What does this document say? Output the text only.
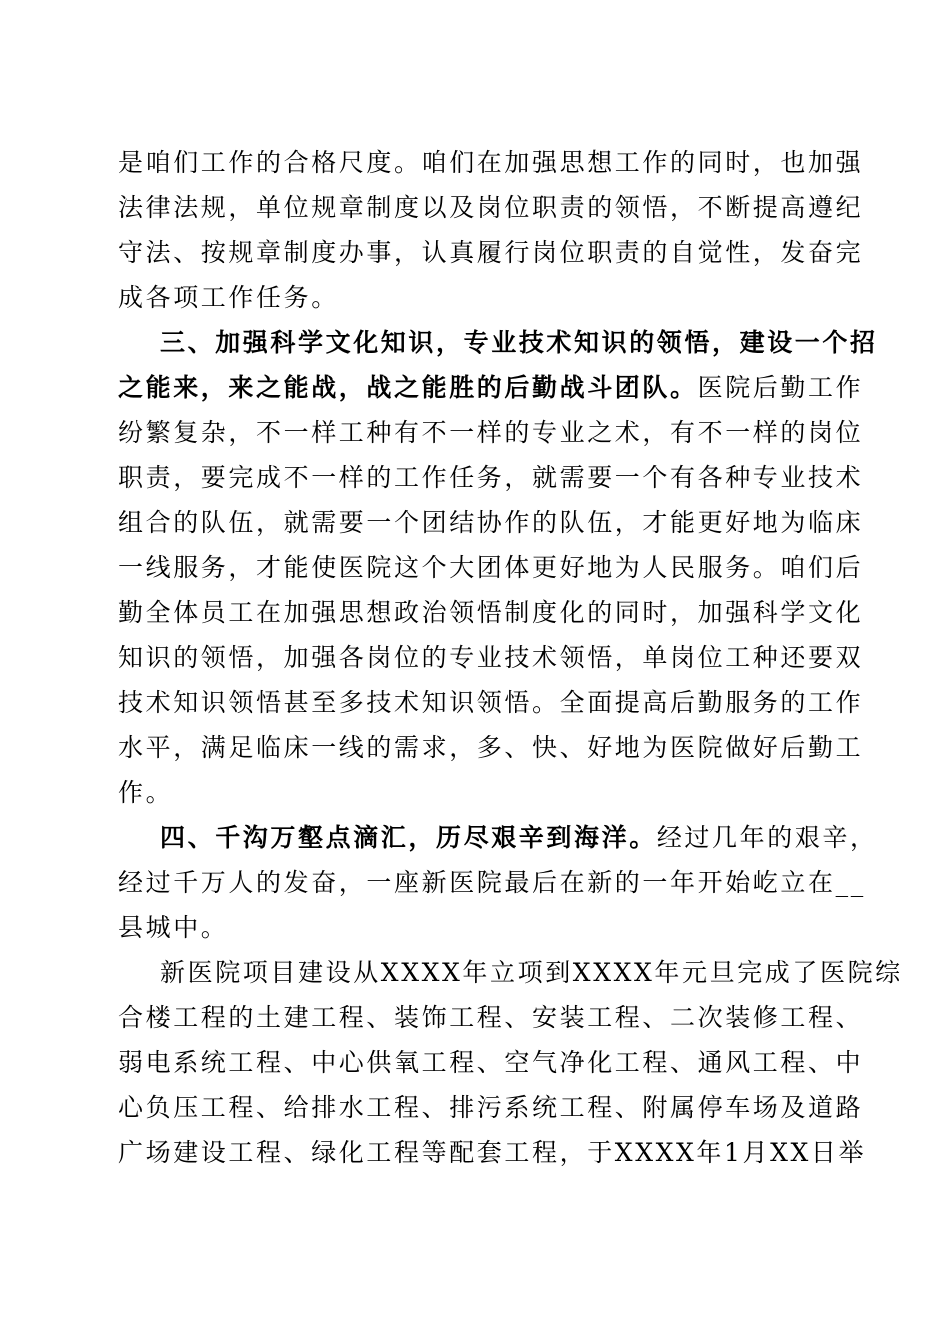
是咱们工作的合格尺度。咱们在加强思想工作的同时，也加强
法律法规，单位规章制度以及岗位职责的领悟，不断提高遵纪
守法、按规章制度办事，认真履行岗位职责的自觉性，发奋完
成各项工作任务。
三、加强科学文化知识，专业技术知识的领悟，建设一个招
之能来，来之能战，战之能胜的后勤战斗团队。医院后勤工作
纷繁复杂，不一样工种有不一样的专业之术，有不一样的岗位
职责，要完成不一样的工作任务，就需要一个有各种专业技术
组合的队伍，就需要一个团结协作的队伍，才能更好地为临床
一线服务，才能使医院这个大团体更好地为人民服务。咱们后
勤全体员工在加强思想政治领悟制度化的同时，加强科学文化
知识的领悟，加强各岗位的专业技术领悟，单岗位工种还要双
技术知识领悟甚至多技术知识领悟。全面提高后勤服务的工作
水平，满足临床一线的需求，多、快、好地为医院做好后勤工
作。
四、千沟万壑点滴汇，历尽艰辛到海洋。经过几年的艰辛，
经过千万人的发奋，一座新医院最后在新的一年开始屹立在__
县城中。
新医院项目建设从XXXX年立项到XXXX年元旦完成了医院综
合楼工程的土建工程、装饰工程、安装工程、二次装修工程、
弱电系统工程、中心供氧工程、空气净化工程、通风工程、中
心负压工程、给排水工程、排污系统工程、附属停车场及道路
广场建设工程、绿化工程等配套工程，于XXXX年1月XX日举
